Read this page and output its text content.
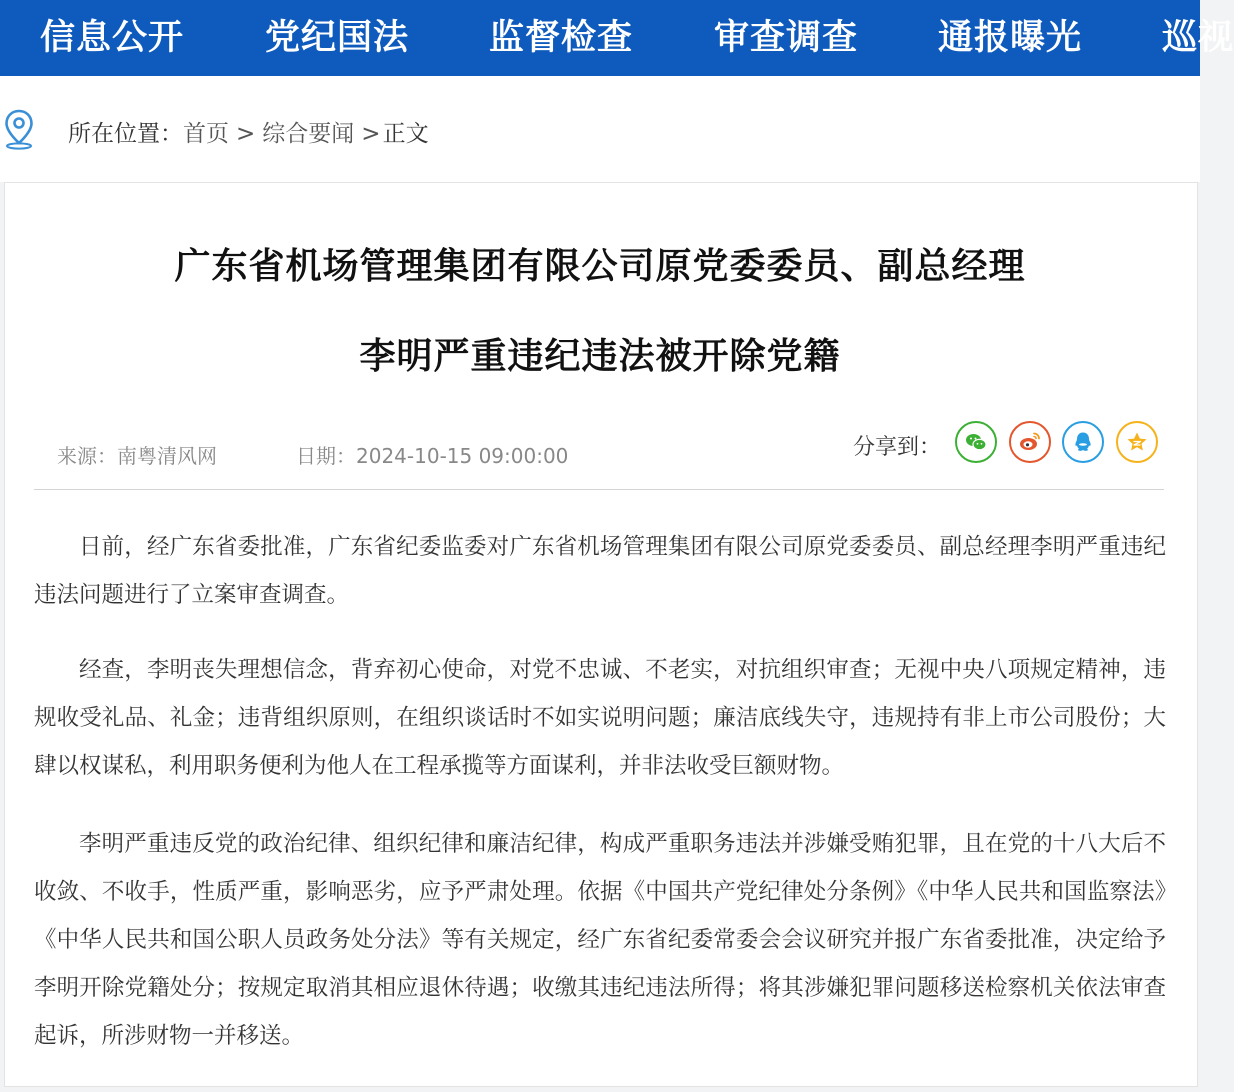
信息公开 党纪国法 监督检查 审查调查 通报曝光 巡视
所在位置：首页 > 综合要闻 >正文
广东省机场管理集团有限公司原党委委员、副总经理
李明严重违纪违法被开除党籍
来源：南粤清风网	日期：2024-10-15 09:00:00	分享到：

日前，经广东省委批准，广东省纪委监委对广东省机场管理集团有限公司原党委委员、副总经理李明严重违纪违法问题进行了立案审查调查。

经查，李明丧失理想信念，背弃初心使命，对党不忠诚、不老实，对抗组织审查；无视中央八项规定精神，违规收受礼品、礼金；违背组织原则，在组织谈话时不如实说明问题；廉洁底线失守，违规持有非上市公司股份；大肆以权谋私，利用职务便利为他人在工程承揽等方面谋利，并非法收受巨额财物。

李明严重违反党的政治纪律、组织纪律和廉洁纪律，构成严重职务违法并涉嫌受贿犯罪，且在党的十八大后不收敛、不收手，性质严重，影响恶劣，应予严肃处理。依据《中国共产党纪律处分条例》《中华人民共和国监察法》《中华人民共和国公职人员政务处分法》等有关规定，经广东省纪委常委会会议研究并报广东省委批准，决定给予李明开除党籍处分；按规定取消其相应退休待遇；收缴其违纪违法所得；将其涉嫌犯罪问题移送检察机关依法审查起诉，所涉财物一并移送。
